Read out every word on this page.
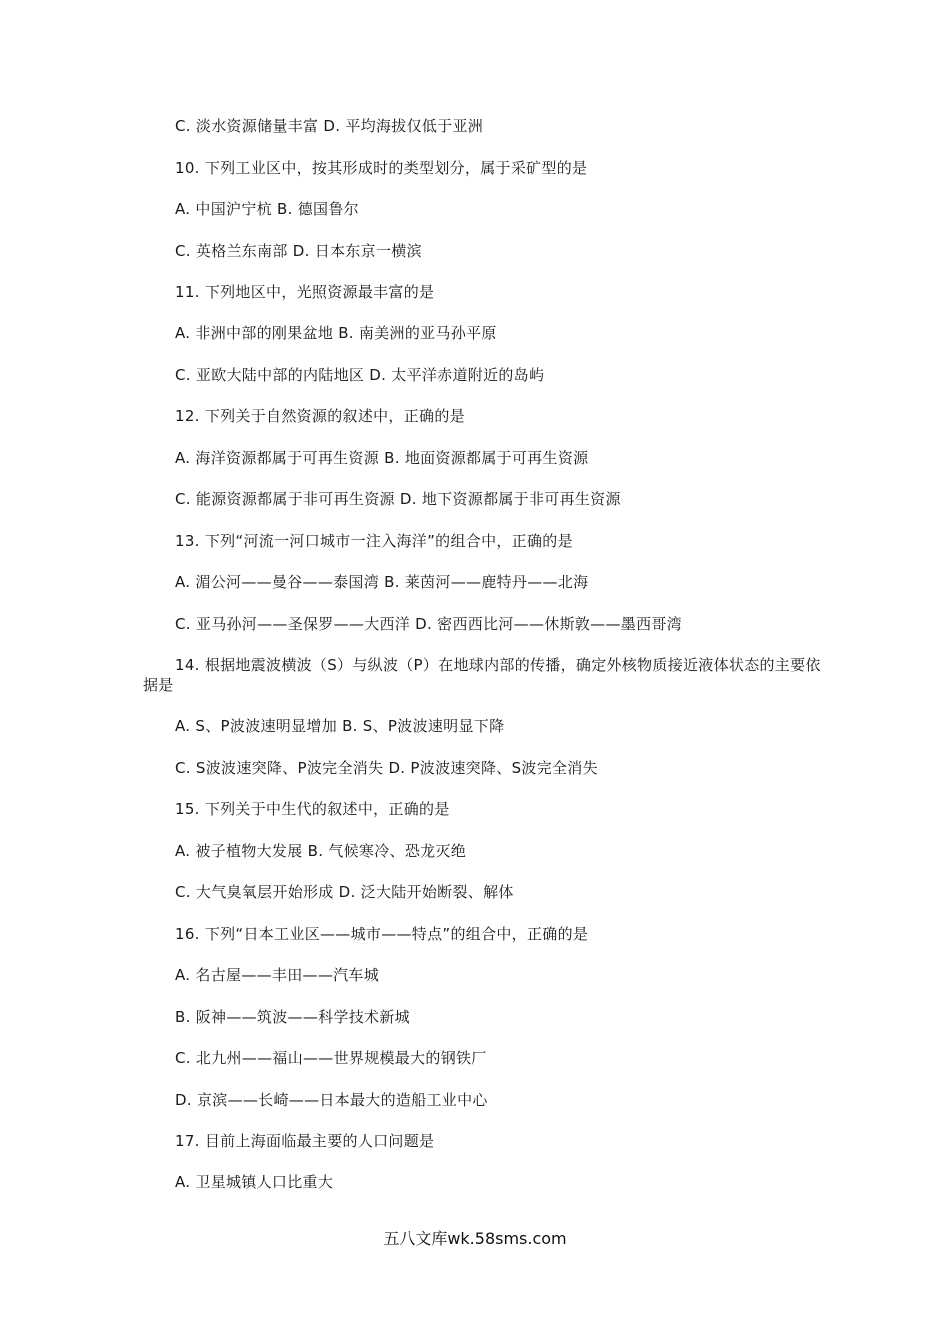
C. 淡水资源储量丰富 D. 平均海拔仅低于亚洲
10. 下列工业区中，按其形成时的类型划分，属于采矿型的是
A. 中国沪宁杭 B. 德国鲁尔
C. 英格兰东南部 D. 日本东京一横滨
11. 下列地区中，光照资源最丰富的是
A. 非洲中部的刚果盆地 B. 南美洲的亚马孙平原
C. 亚欧大陆中部的内陆地区 D. 太平洋赤道附近的岛屿
12. 下列关于自然资源的叙述中，正确的是
A. 海洋资源都属于可再生资源 B. 地面资源都属于可再生资源
C. 能源资源都属于非可再生资源 D. 地下资源都属于非可再生资源
13. 下列“河流一河口城市一注入海洋”的组合中，正确的是
A. 湄公河——曼谷——泰国湾 B. 莱茵河——鹿特丹——北海
C. 亚马孙河——圣保罗——大西洋 D. 密西西比河——休斯敦——墨西哥湾
14. 根据地震波横波（S）与纵波（P）在地球内部的传播，确定外核物质接近液体状态的主要依据是
A. S、P波波速明显增加 B. S、P波波速明显下降
C. S波波速突降、P波完全消失 D. P波波速突降、S波完全消失
15. 下列关于中生代的叙述中，正确的是
A. 被子植物大发展 B. 气候寒冷、恐龙灭绝
C. 大气臭氧层开始形成 D. 泛大陆开始断裂、解体
16. 下列“日本工业区——城市——特点”的组合中，正确的是
A. 名古屋——丰田——汽车城
B. 阪神——筑波——科学技术新城
C. 北九州——福山——世界规模最大的钢铁厂
D. 京滨——长崎——日本最大的造船工业中心
17. 目前上海面临最主要的人口问题是
A. 卫星城镇人口比重大
五八文库wk.58sms.com
